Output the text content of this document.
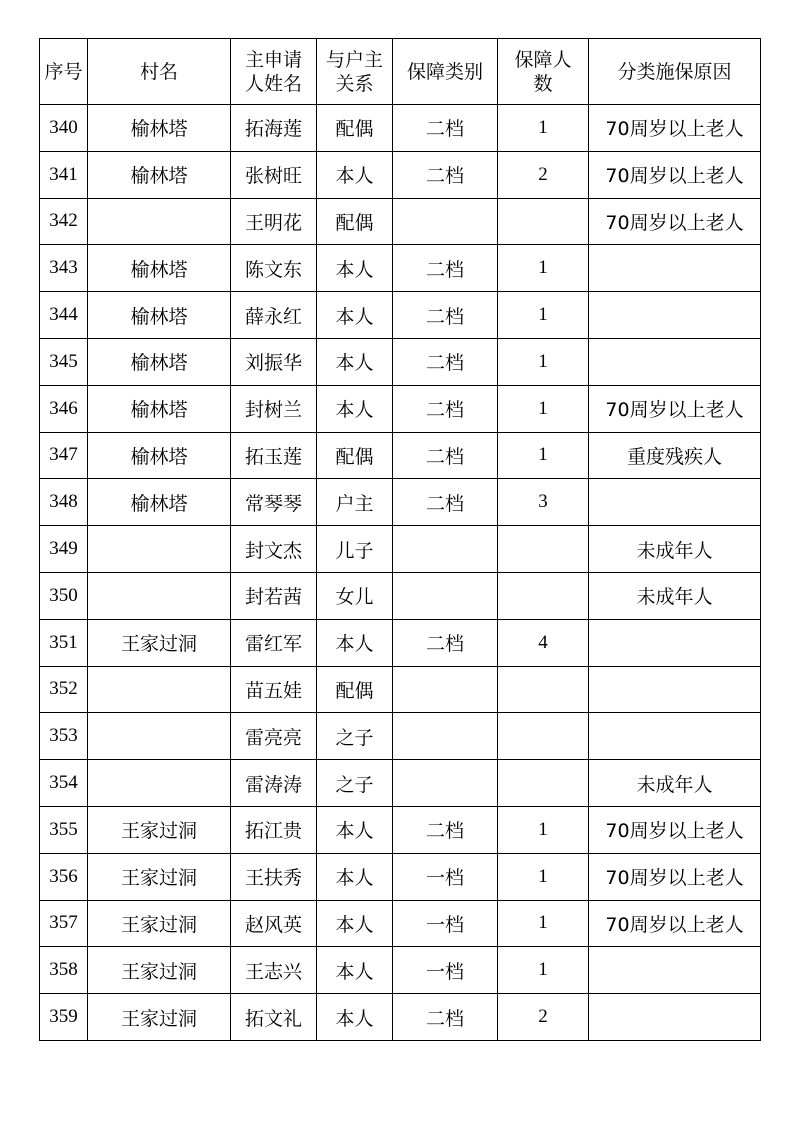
序号	村名	主申请人姓名	与户主关系	保障类别	保障人数	分类施保原因
340	榆林塔	拓海莲	配偶	二档	1	70周岁以上老人
341	榆林塔	张树旺	本人	二档	2	70周岁以上老人
342		王明花	配偶			70周岁以上老人
343	榆林塔	陈文东	本人	二档	1	
344	榆林塔	薛永红	本人	二档	1	
345	榆林塔	刘振华	本人	二档	1	
346	榆林塔	封树兰	本人	二档	1	70周岁以上老人
347	榆林塔	拓玉莲	配偶	二档	1	重度残疾人
348	榆林塔	常琴琴	户主	二档	3	
349		封文杰	儿子			未成年人
350		封若茜	女儿			未成年人
351	王家过洞	雷红军	本人	二档	4	
352		苗五娃	配偶			
353		雷亮亮	之子			
354		雷涛涛	之子			未成年人
355	王家过洞	拓江贵	本人	二档	1	70周岁以上老人
356	王家过洞	王扶秀	本人	一档	1	70周岁以上老人
357	王家过洞	赵风英	本人	一档	1	70周岁以上老人
358	王家过洞	王志兴	本人	一档	1	
359	王家过洞	拓文礼	本人	二档	2	
